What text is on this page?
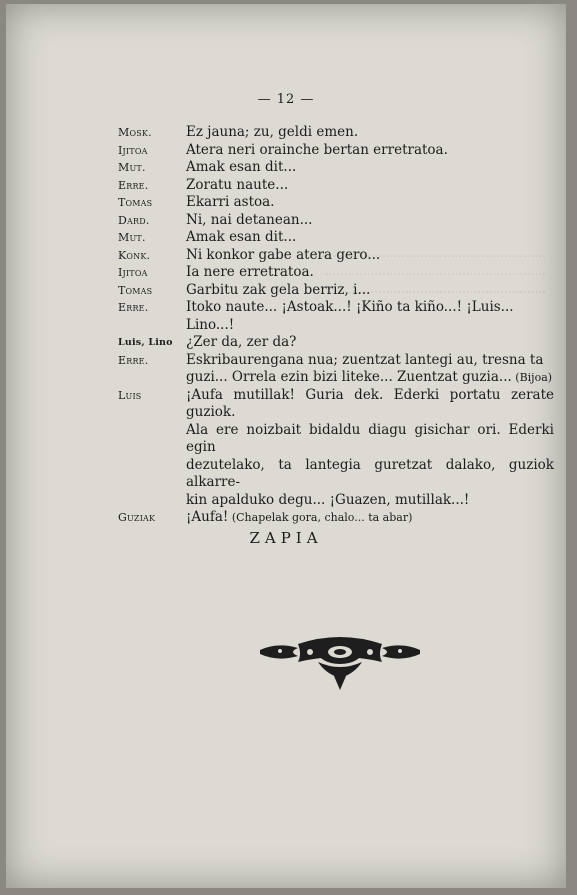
............................................................
..........................................................
............................................................
— 12 —
Mosk.	Ez jauna; zu, geldi emen.
Ijitoa	Atera neri orainche bertan erretratoa.
Mut.	Amak esan dit...
Erre.	Zoratu naute...
Tomas	Ekarri astoa.
Dard.	Ni, nai detanean...
Mut.	Amak esan dit...
Konk.	Ni konkor gabe atera gero...
Ijitoa	Ia nere erretratoa.
Tomas	Garbitu zak gela berriz, i...
Erre.	Itoko naute... ¡Astoak...! ¡Kiño ta kiño...! ¡Luis...
Lino...!
Luis, Lino ¿Zer da, zer da?
Erre.	Eskribaurengana nua; zuentzat lantegi au, tresna ta
guzi... Orrela ezin bizi liteke... Zuentzat guzia... (Bijoa)
Luis	¡Aufa mutillak! Guria dek. Ederki portatu zerate guziok.
Ala ere noizbait bidaldu diagu gisichar ori. Ederki egin
dezutelako, ta lantegia guretzat dalako, guziok alkarre-
kin apalduko degu... ¡Guazen, mutillak...!
Guziak	¡Aufa! (Chapelak gora, chalo... ta abar)
ZAPIA
